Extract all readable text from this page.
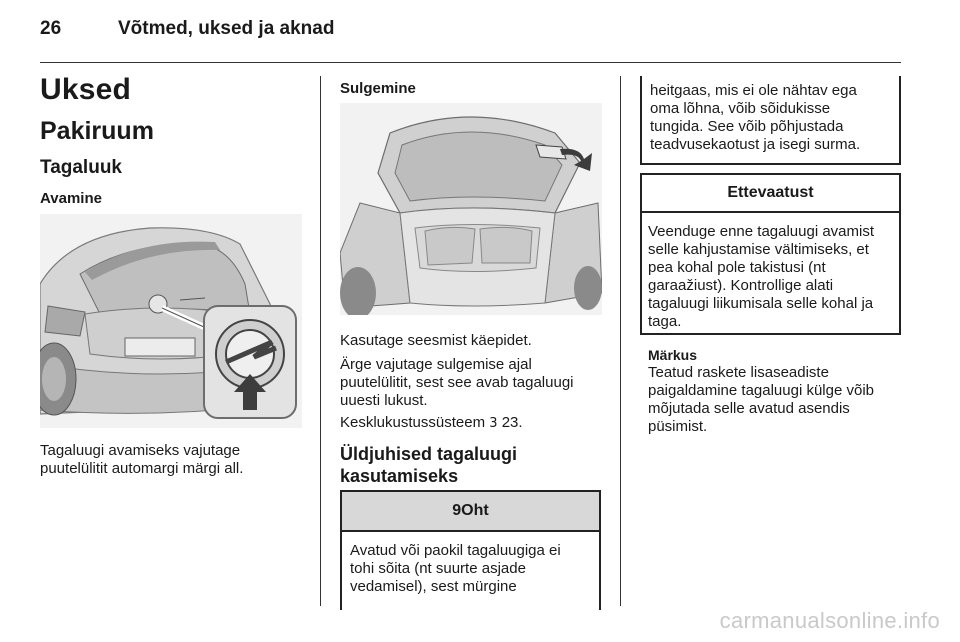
26	Võtmed, uksed ja aknad
Uksed
Pakiruum
Tagaluuk
Avamine
Tagaluugi avamiseks vajutage
puutelülitit automargi märgi all.
Sulgemine
Kasutage seesmist käepidet.
Ärge vajutage sulgemise ajal
puutelülitit, sest see avab tagaluugi
uuesti lukust.
Kesklukustussüsteem 3 23.
Üldjuhised tagaluugi
kasutamiseks
9Oht
Avatud või paokil tagaluugiga ei
tohi sõita (nt suurte asjade
vedamisel), sest mürgine
heitgaas, mis ei ole nähtav ega
oma lõhna, võib sõidukisse
tungida. See võib põhjustada
teadvusekaotust ja isegi surma.
Ettevaatust
Veenduge enne tagaluugi avamist
selle kahjustamise vältimiseks, et
pea kohal pole takistusi (nt
garaažiust). Kontrollige alati
tagaluugi liikumisala selle kohal ja
taga.
Märkus
Teatud raskete lisaseadiste
paigaldamine tagaluugi külge võib
mõjutada selle avatud asendis
püsimist.
carmanualsonline.info
